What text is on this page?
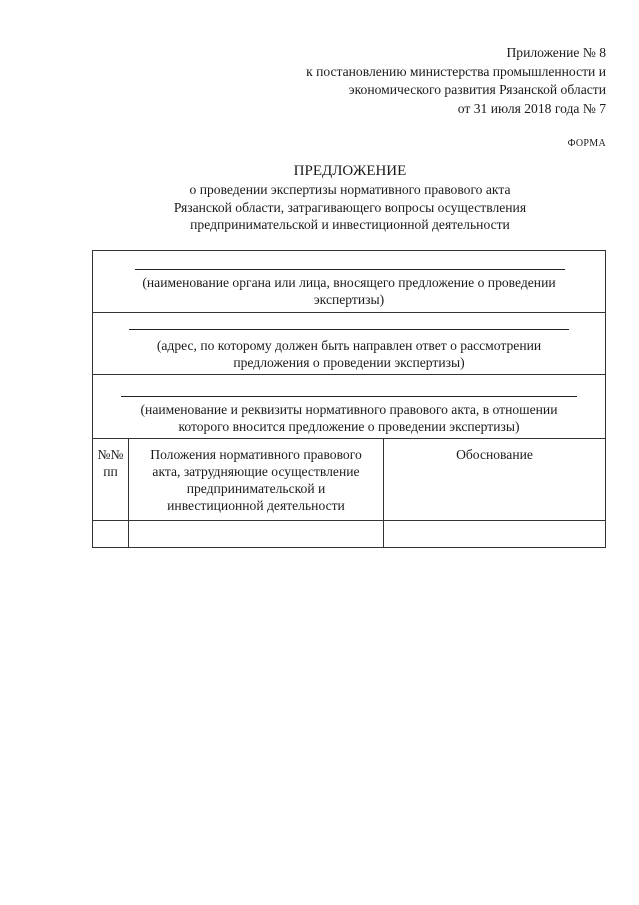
Приложение № 8
к постановлению министерства промышленности и
экономического развития Рязанской области
от 31 июля 2018 года № 7
ФОРМА
ПРЕДЛОЖЕНИЕ
о проведении экспертизы нормативного правового акта
Рязанской области, затрагивающего вопросы осуществления
предпринимательской и инвестиционной деятельности
(наименование органа или лица, вносящего предложение о проведении
экспертизы)
(адрес, по которому должен быть направлен ответ о рассмотрении
предложения о проведении экспертизы)
(наименование и реквизиты нормативного правового акта, в отношении
которого вносится предложение о проведении экспертизы)
№№
пп
Положения нормативного правового
акта, затрудняющие осуществление
предпринимательской и
инвестиционной деятельности
Обоснование
